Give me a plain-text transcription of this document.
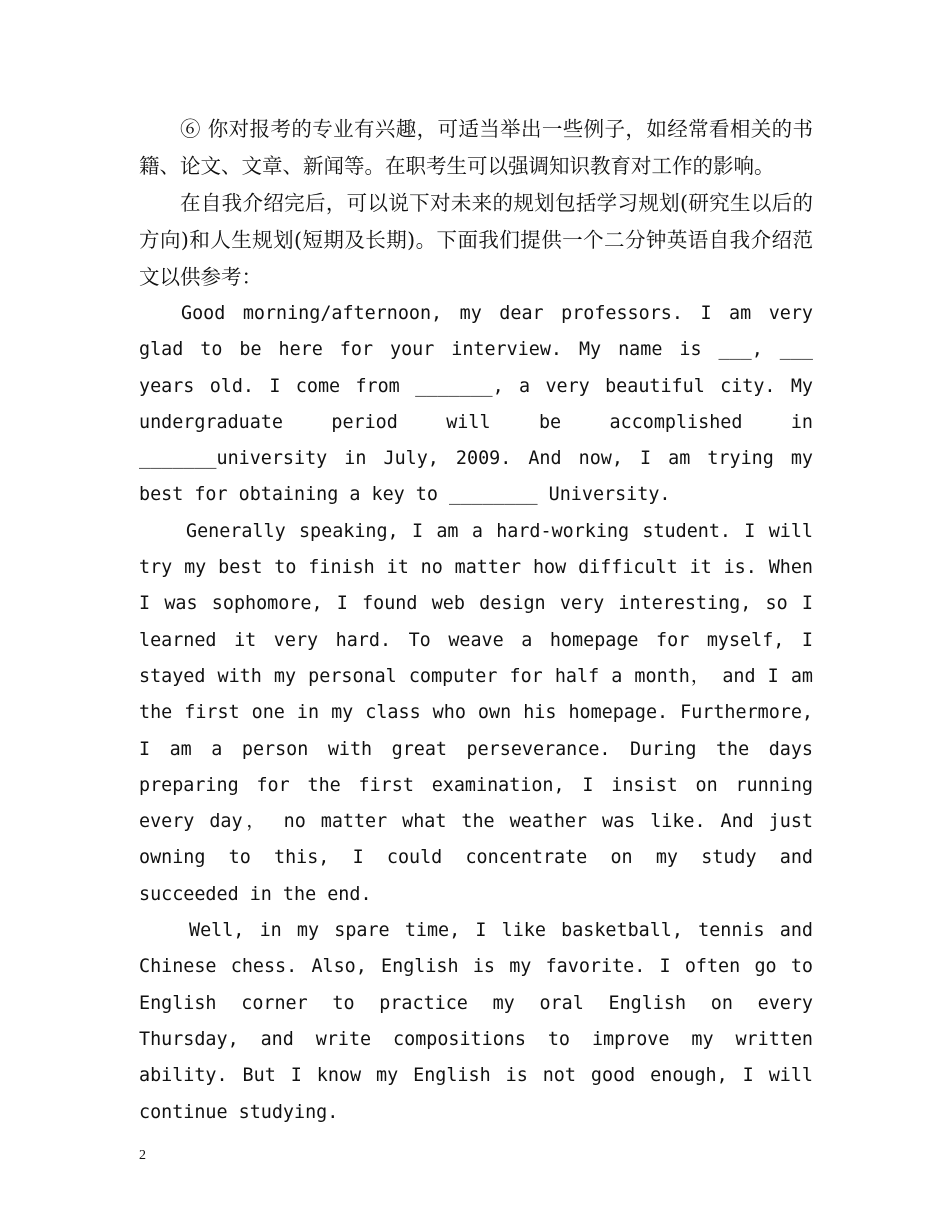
⑥ 你对报考的专业有兴趣，可适当举出一些例子，如经常看相关的书籍、论文、文章、新闻等。在职考生可以强调知识教育对工作的影响。

在自我介绍完后，可以说下对未来的规划包括学习规划(研究生以后的方向)和人生规划(短期及长期)。下面我们提供一个二分钟英语自我介绍范文以供参考：

Good morning/afternoon, my dear professors. I am very glad to be here for your interview. My name is ___, ___ years old. I come from _______, a very beautiful city. My undergraduate period will be accomplished in _______university in July, 2009. And now, I am trying my best for obtaining a key to ________ University.

Generally speaking, I am a hard-working student. I will try my best to finish it no matter how difficult it is. When I was sophomore, I found web design very interesting, so I learned it very hard. To weave a homepage for myself, I stayed with my personal computer for half a month， and I am the first one in my class who own his homepage. Furthermore, I am a person with great perseverance. During the days preparing for the first examination, I insist on running every day， no matter what the weather was like. And just owning to this, I could concentrate on my study and succeeded in the end.

Well, in my spare time, I like basketball, tennis and Chinese chess. Also, English is my favorite. I often go to English corner to practice my oral English on every Thursday, and write compositions to improve my written ability. But I know my English is not good enough, I will continue studying.

2
